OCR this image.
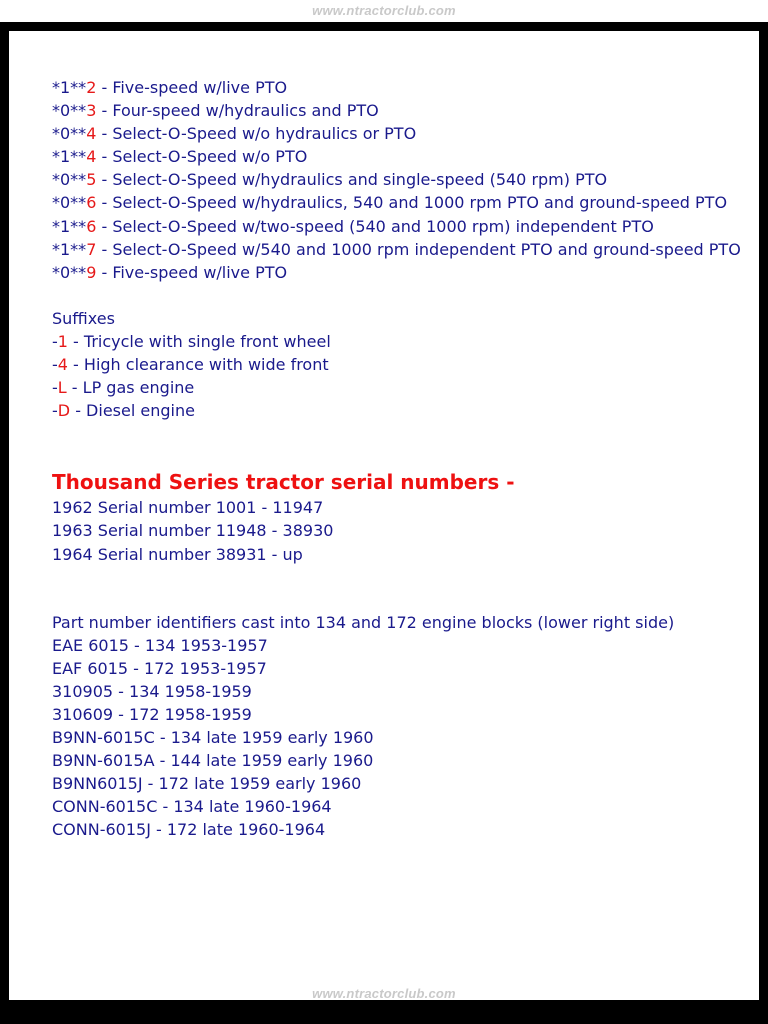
www.ntractorclub.com
*1**2 - Five-speed w/live PTO
*0**3 - Four-speed w/hydraulics and PTO
*0**4 - Select-O-Speed w/o hydraulics or PTO
*1**4 - Select-O-Speed w/o PTO
*0**5 - Select-O-Speed w/hydraulics and single-speed (540 rpm) PTO
*0**6 - Select-O-Speed w/hydraulics, 540 and 1000 rpm PTO and ground-speed PTO
*1**6 - Select-O-Speed w/two-speed (540 and 1000 rpm) independent PTO
*1**7 - Select-O-Speed w/540 and 1000 rpm independent PTO and ground-speed PTO
*0**9 - Five-speed w/live PTO
Suffixes
-1 - Tricycle with single front wheel
-4 - High clearance with wide front
-L - LP gas engine
-D - Diesel engine
Thousand Series tractor serial numbers -
1962 Serial number 1001 - 11947
1963 Serial number 11948 - 38930
1964 Serial number 38931 - up
Part number identifiers cast into 134 and 172 engine blocks (lower right side)
EAE 6015 - 134 1953-1957
EAF 6015 - 172 1953-1957
310905 - 134 1958-1959
310609 - 172 1958-1959
B9NN-6015C - 134 late 1959 early 1960
B9NN-6015A - 144 late 1959 early 1960
B9NN6015J - 172 late 1959 early 1960
CONN-6015C - 134 late 1960-1964
CONN-6015J - 172 late 1960-1964
www.ntractorclub.com
